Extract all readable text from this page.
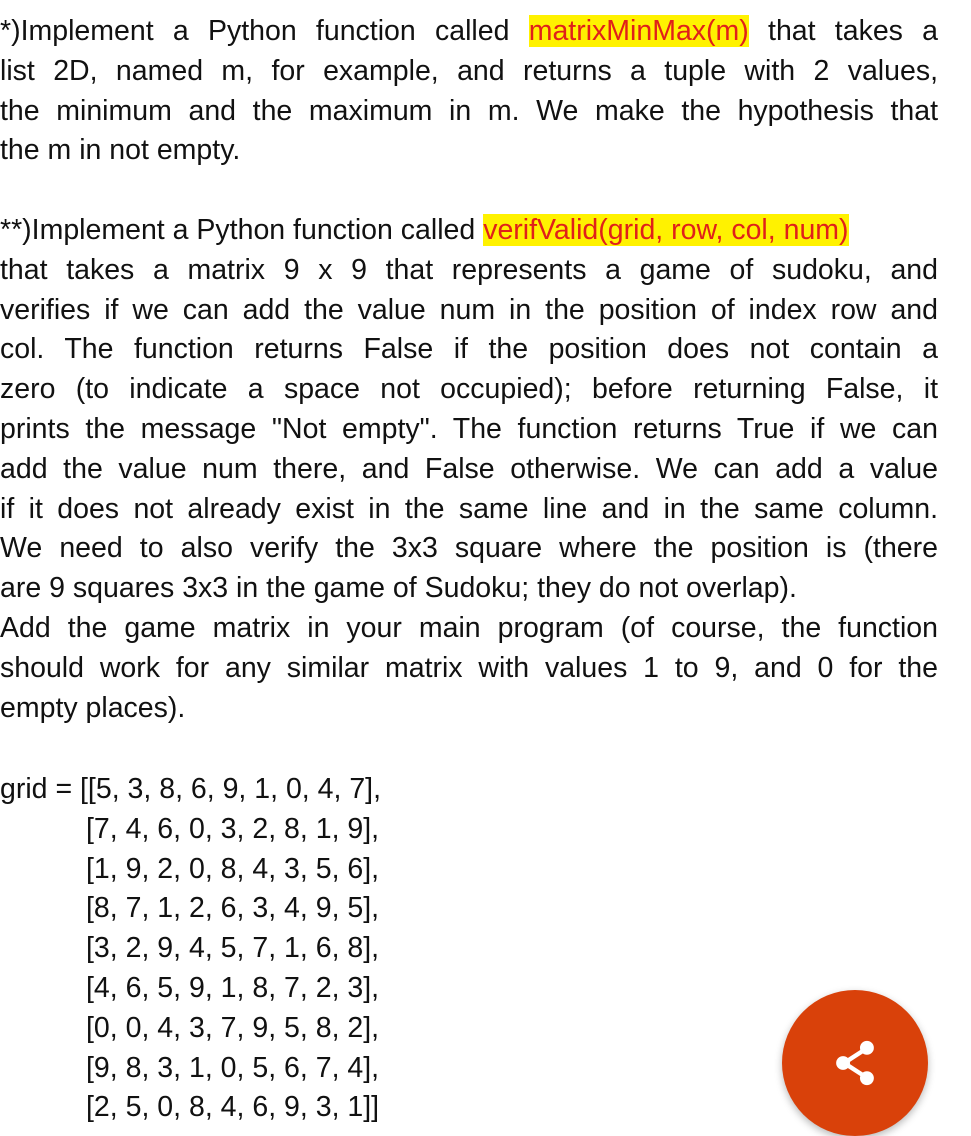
*)Implement a Python function called matrixMinMax(m) that takes a
list 2D, named m, for example, and returns a tuple with 2 values,
the minimum and the maximum in m. We make the hypothesis that
the m in not empty.
**)Implement a Python function called verifValid(grid, row, col, num)
that takes a matrix 9 x 9 that represents a game of sudoku, and
verifies if we can add the value num in the position of index row and
col. The function returns False if the position does not contain a
zero (to indicate a space not occupied); before returning False, it
prints the message "Not empty". The function returns True if we can
add the value num there, and False otherwise. We can add a value
if it does not already exist in the same line and in the same column.
We need to also verify the 3x3 square where the position is (there
are 9 squares 3x3 in the game of Sudoku; they do not overlap).
Add the game matrix in your main program (of course, the function
should work for any similar matrix with values 1 to 9, and 0 for the
empty places).
grid = [[5, 3, 8, 6, 9, 1, 0, 4, 7],
[7, 4, 6, 0, 3, 2, 8, 1, 9],
[1, 9, 2, 0, 8, 4, 3, 5, 6],
[8, 7, 1, 2, 6, 3, 4, 9, 5],
[3, 2, 9, 4, 5, 7, 1, 6, 8],
[4, 6, 5, 9, 1, 8, 7, 2, 3],
[0, 0, 4, 3, 7, 9, 5, 8, 2],
[9, 8, 3, 1, 0, 5, 6, 7, 4],
[2, 5, 0, 8, 4, 6, 9, 3, 1]]
